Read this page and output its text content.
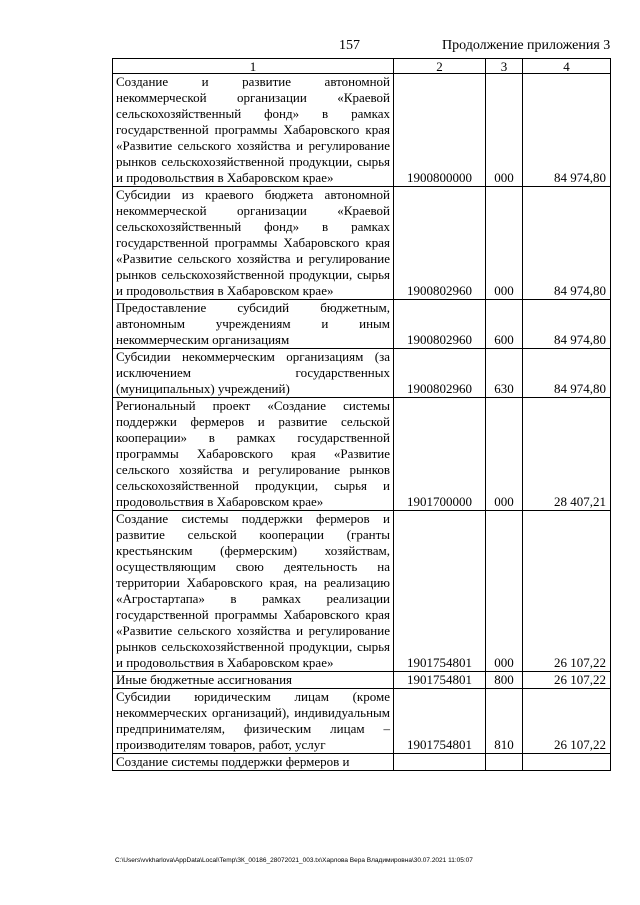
157	Продолжение приложения 3
1	2	3	4
Создание и развитие автономной некоммерческой организации «Краевой сельскохозяйственный фонд» в рамках государственной программы Хабаровского края «Развитие сельского хозяйства и регулирование рынков сельскохозяйственной продукции, сырья и продовольствия в Хабаровском крае»	1900800000	000	84 974,80
Субсидии из краевого бюджета автономной некоммерческой организации «Краевой сельскохозяйственный фонд» в рамках государственной программы Хабаровского края «Развитие сельского хозяйства и регулирование рынков сельскохозяйственной продукции, сырья и продовольствия в Хабаровском крае»	1900802960	000	84 974,80
Предоставление субсидий бюджетным, автономным учреждениям и иным некоммерческим организациям	1900802960	600	84 974,80
Субсидии некоммерческим организациям (за исключением государственных (муниципальных) учреждений)	1900802960	630	84 974,80
Региональный проект «Создание системы поддержки фермеров и развитие сельской кооперации» в рамках государственной программы Хабаровского края «Развитие сельского хозяйства и регулирование рынков сельскохозяйственной продукции, сырья и продовольствия в Хабаровском крае»	1901700000	000	28 407,21
Создание системы поддержки фермеров и развитие сельской кооперации (гранты крестьянским (фермерским) хозяйствам, осуществляющим свою деятельность на территории Хабаровского края, на реализацию «Агростартапа» в рамках реализации государственной программы Хабаровского края «Развитие сельского хозяйства и регулирование рынков сельскохозяйственной продукции, сырья и продовольствия в Хабаровском крае»	1901754801	000	26 107,22
Иные бюджетные ассигнования	1901754801	800	26 107,22
Субсидии юридическим лицам (кроме некоммерческих организаций), индивидуальным предпринимателям, физическим лицам – производителям товаров, работ, услуг	1901754801	810	26 107,22
Создание системы поддержки фермеров и			
C:\Users\vvkharlova\AppData\Local\Temp\ЗК_00186_28072021_003.tx\Харлова Вера Владимировна\30.07.2021 11:05:07
